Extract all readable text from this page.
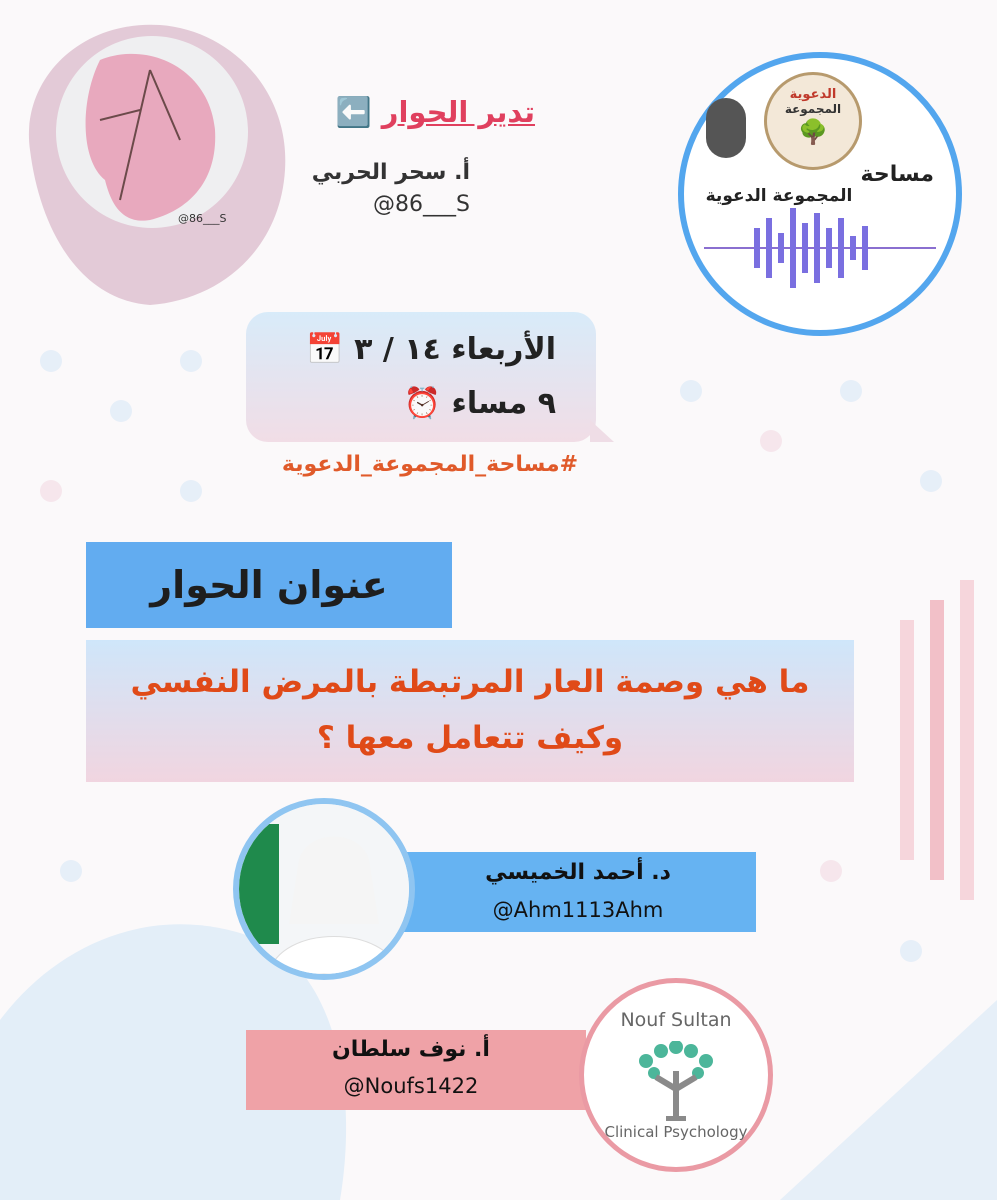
@86___S
تدير الحوار ⬅️
أ. سحر الحربي
@86___S
الدعوية
المجموعة
🌳
مساحة
المجموعة الدعوية
الأربعاء ١٤ / ٣ 📅
٩ مساء ⏰
#مساحة_المجموعة_الدعوية
عنوان الحوار
ما هي وصمة العار المرتبطة بالمرض النفسي
وكيف تتعامل معها ؟
د. أحمد الخميسي
@Ahm1113Ahm
أ. نوف سلطان
@Noufs1422
Nouf Sultan
Clinical Psychology
